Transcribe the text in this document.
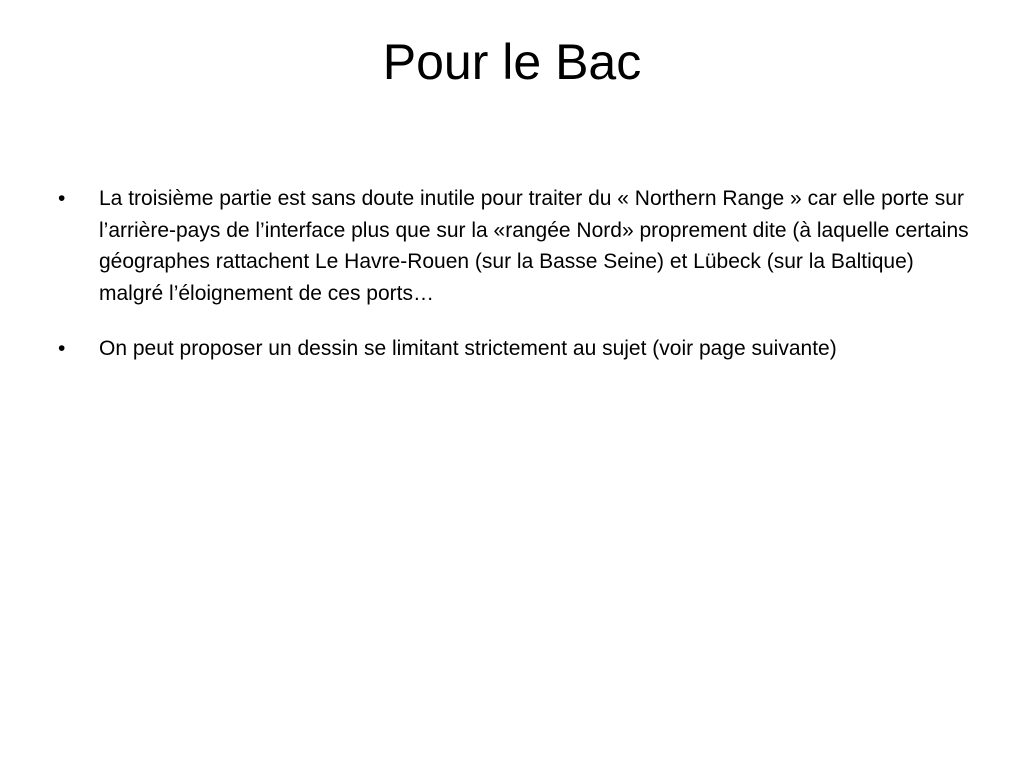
Pour le Bac
•	La troisième partie est sans doute inutile pour traiter du « Northern Range » car elle porte sur l’arrière-pays de l’interface plus que sur la «rangée Nord» proprement dite (à laquelle certains géographes rattachent Le Havre-Rouen (sur la Basse Seine) et Lübeck (sur la Baltique) malgré l’éloignement de ces ports…
•	On peut proposer un dessin se limitant strictement au sujet (voir page suivante)
